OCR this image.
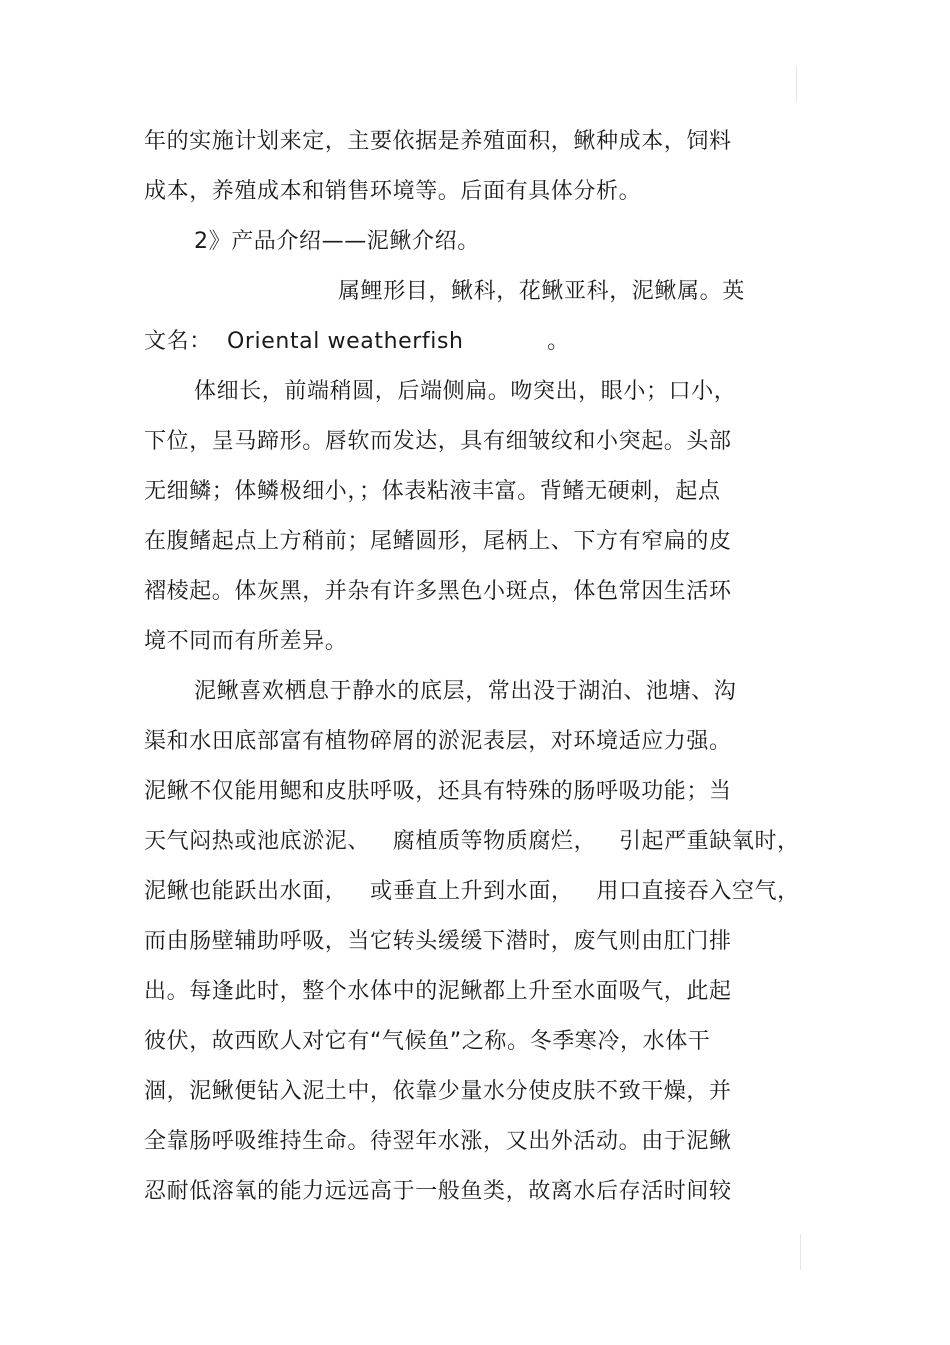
年的实施计划来定，主要依据是养殖面积，鳅种成本，饲料
成本，养殖成本和销售环境等。后面有具体分析。
2》产品介绍——泥鳅介绍。
属鲤形目，鳅科，花鳅亚科，泥鳅属。英
文名：  Oriental weatherfish           。
体细长，前端稍圆，后端侧扁。吻突出，眼小；口小，
下位，呈马蹄形。唇软而发达，具有细皱纹和小突起。头部
无细鳞；体鳞极细小，；体表粘液丰富。背鳍无硬刺，起点
在腹鳍起点上方稍前；尾鳍圆形，尾柄上、下方有窄扁的皮
褶棱起。体灰黑，并杂有许多黑色小斑点，体色常因生活环
境不同而有所差异。
泥鳅喜欢栖息于静水的底层，常出没于湖泊、池塘、沟
渠和水田底部富有植物碎屑的淤泥表层，对环境适应力强。
泥鳅不仅能用鳃和皮肤呼吸，还具有特殊的肠呼吸功能；当
天气闷热或池底淤泥、   腐植质等物质腐烂，   引起严重缺氧时，
泥鳅也能跃出水面，   或垂直上升到水面，   用口直接吞入空气，
而由肠壁辅助呼吸，当它转头缓缓下潜时，废气则由肛门排
出。每逢此时，整个水体中的泥鳅都上升至水面吸气，此起
彼伏，故西欧人对它有“气候鱼”之称。冬季寒冷，水体干
涸，泥鳅便钻入泥土中，依靠少量水分使皮肤不致干燥，并
全靠肠呼吸维持生命。待翌年水涨，又出外活动。由于泥鳅
忍耐低溶氧的能力远远高于一般鱼类，故离水后存活时间较
